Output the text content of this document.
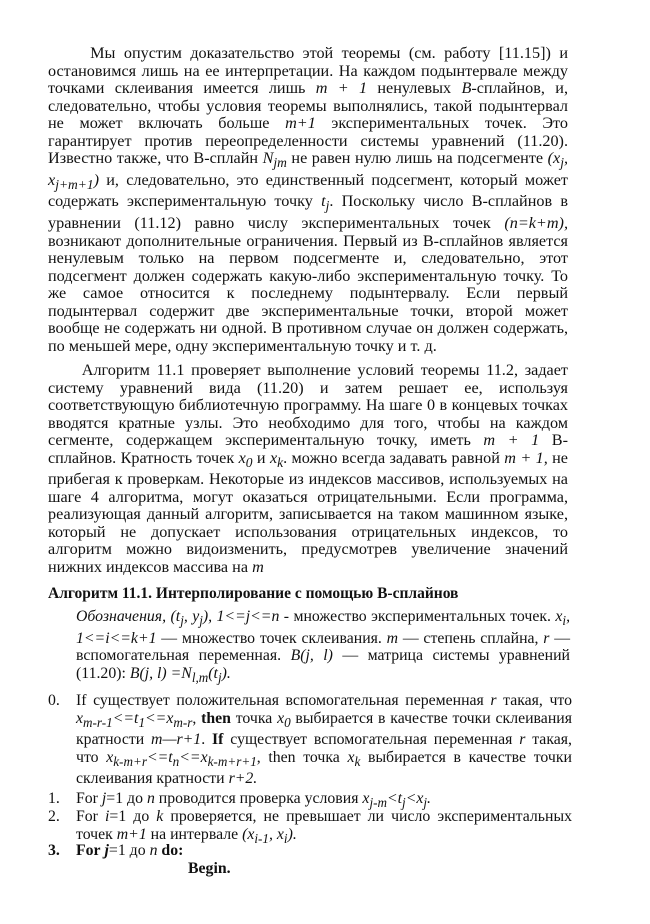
Мы опустим доказательство этой теоремы (см. работу [11.15]) и остановимся лишь на ее интерпретации. На каждом подынтервале между точками склеивания имеется лишь m + 1 ненулевых B-сплайнов, и, следовательно, чтобы условия теоремы выполнялись, такой подынтервал не может включать больше m+1 экспериментальных точек. Это гарантирует против переопределенности системы уравнений (11.20). Известно также, что B-сплайн $N_{jm}$ не равен нулю лишь на подсегменте ($x_j$, $x_{j+m+1}$) и, следовательно, это единственный подсегмент, который может содержать экспериментальную точку $t_j$. Поскольку число B-сплайнов в уравнении (11.12) равно числу экспериментальных точек (n=k+m), возникают дополнительные ограничения. Первый из B-сплайнов является ненулевым только на первом подсегменте и, следовательно, этот подсегмент должен содержать какую-либо экспериментальную точку. То же самое относится к последнему подынтервалу. Если первый подынтервал содержит две экспериментальные точки, второй может вообще не содержать ни одной. В противном случае он должен содержать, по меньшей мере, одну экспериментальную точку и т. д.

Алгоритм 11.1 проверяет выполнение условий теоремы 11.2, задает систему уравнений вида (11.20) и затем решает ее, используя соответствующую библиотечную программу. На шаге 0 в концевых точках вводятся кратные узлы. Это необходимо для того, чтобы на каждом сегменте, содержащем экспериментальную точку, иметь m + 1 B-сплайнов. Кратность точек $x_0$ и $x_k$. можно всегда задавать равной m + 1, не прибегая к проверкам. Некоторые из индексов массивов, используемых на шаге 4 алгоритма, могут оказаться отрицательными. Если программа, реализующая данный алгоритм, записывается на таком машинном языке, который не допускает использования отрицательных индексов, то алгоритм можно видоизменить, предусмотрев увеличение значений нижних индексов массива на m

Алгоритм 11.1. Интерполирование с помощью B-сплайнов

Обозначения, ($t_j$, $y_j$), 1<=j<=n - множество экспериментальных точек. $x_i$, 1<=i<=k+1 — множество точек склеивания. m — степень сплайна, r — вспомогательная переменная. B(j, l) — матрица системы уравнений (11.20): B(j, $l) =N_{l,m}(t_j)$.

0. If существует положительная вспомогательная переменная r такая, что $x_{m-r-1}<=t_1<=x_{m-r}$, then точка $x_0$ выбирается в качестве точки склеивания кратности m—r+1. If существует вспомогательная переменная r такая, что $x_{k-m+r}<=t_n<=x_{k-m+r+1}$, then точка $x_k$ выбирается в качестве точки склеивания кратности r+2.
1. For j=1 до n проводится проверка условия $x_{j-m}<t_j<x_j$.
2. For i=1 до k проверяется, не превышает ли число экспериментальных точек m+1 на интервале ($x_{i-1}$, $x_i$).
3. For j=1 до n do:
Begin.
